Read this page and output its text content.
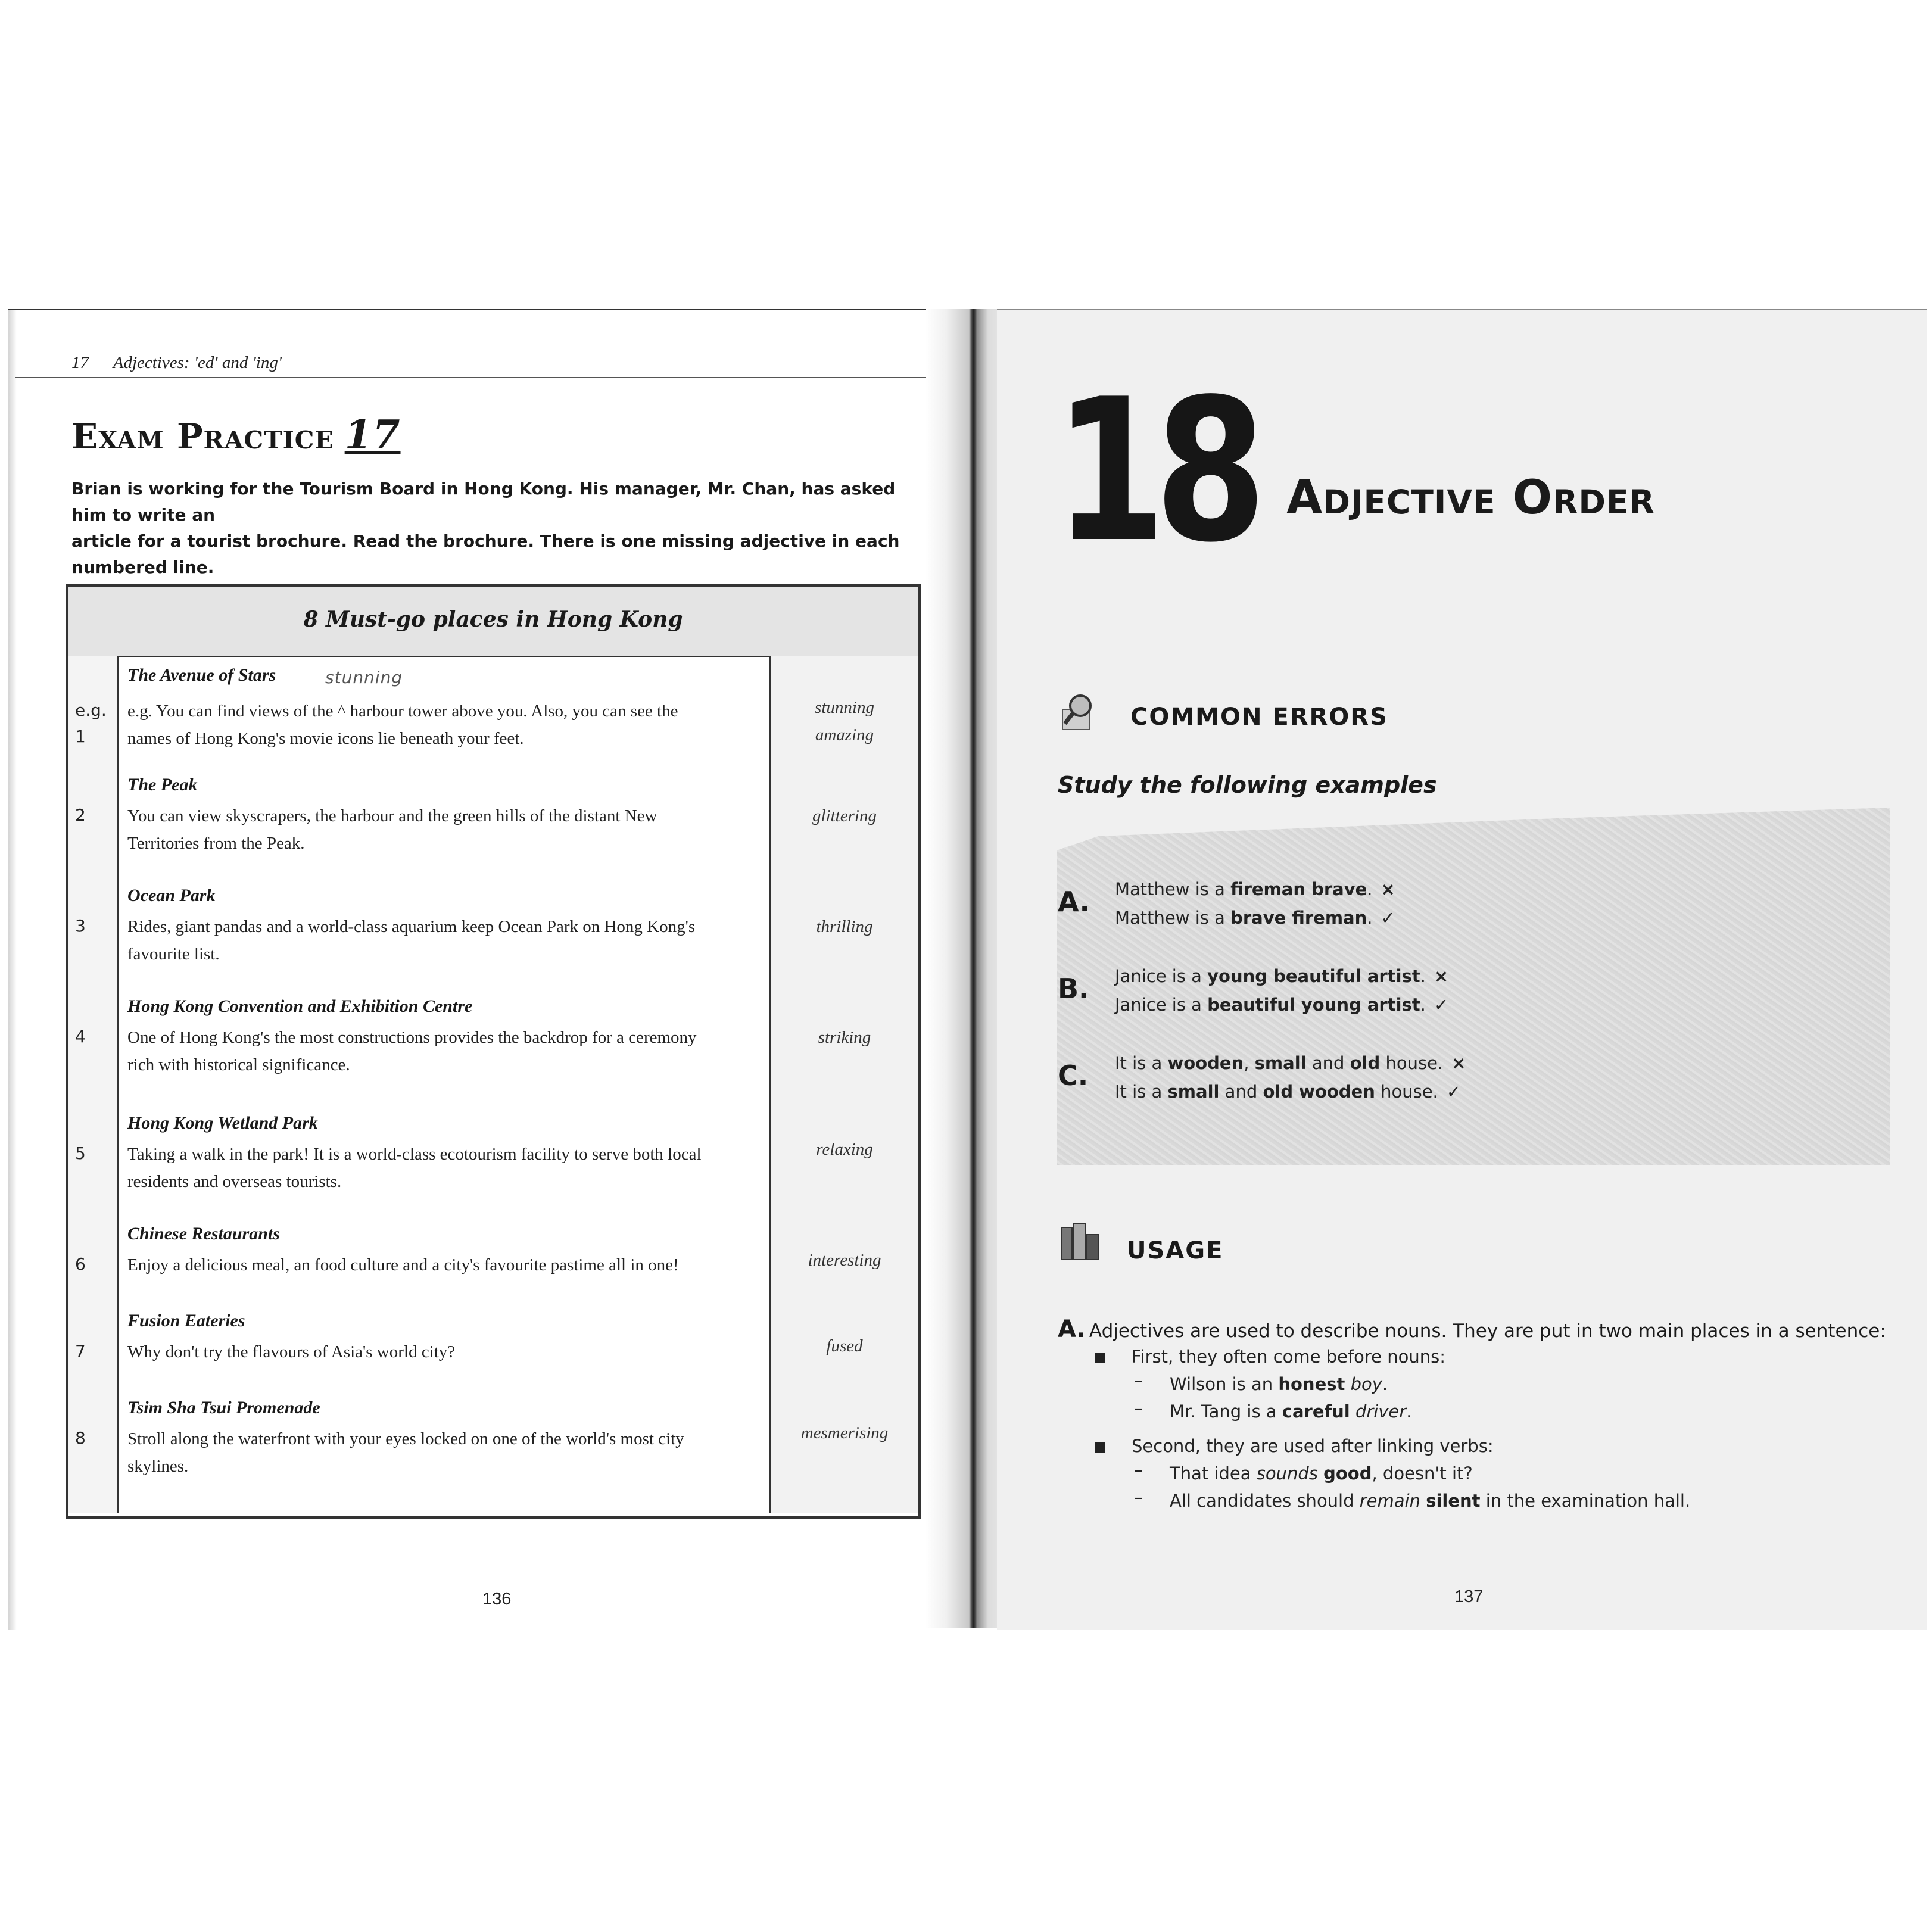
17 Adjectives: 'ed' and 'ing'
Exam Practice 17
Brian is working for the Tourism Board in Hong Kong. His manager, Mr. Chan, has asked him to write an
article for a tourist brochure. Read the brochure. There is one missing adjective in each numbered line.
8 Must-go places in Hong Kong
stunning
The Avenue of Stars
e.g.
1
e.g. You can find views of the ^ harbour tower above you. Also, you can see the
names of Hong Kong's movie icons lie beneath your feet.
stunning
amazing
The Peak
2 You can view skyscrapers, the harbour and the green hills of the distant New
Territories from the Peak.
glittering
Ocean Park
3 Rides, giant pandas and a world-class aquarium keep Ocean Park on Hong Kong's
favourite list.
thrilling
Hong Kong Convention and Exhibition Centre
4 One of Hong Kong's the most constructions provides the backdrop for a ceremony
rich with historical significance.
striking
Hong Kong Wetland Park
5 Taking a walk in the park! It is a world-class ecotourism facility to serve both local
residents and overseas tourists.
relaxing
Chinese Restaurants
6 Enjoy a delicious meal, an food culture and a city's favourite pastime all in one!	interesting
Fusion Eateries
7 Why don't try the flavours of Asia's world city?	fused
Tsim Sha Tsui Promenade
8 Stroll along the waterfront with your eyes locked on one of the world's most city
skylines.
mesmerising
136
18 Adjective Order
COMMON ERRORS
Study the following examples
A. Matthew is a fireman brave. ×
Matthew is a brave fireman. ✓
B. Janice is a young beautiful artist. ×
Janice is a beautiful young artist. ✓
C. It is a wooden, small and old house. ×
It is a small and old wooden house. ✓
USAGE
A. Adjectives are used to describe nouns. They are put in two main places in a sentence:
First, they often come before nouns:
– Wilson is an honest boy.
– Mr. Tang is a careful driver.
Second, they are used after linking verbs:
– That idea sounds good, doesn't it?
– All candidates should remain silent in the examination hall.
137
